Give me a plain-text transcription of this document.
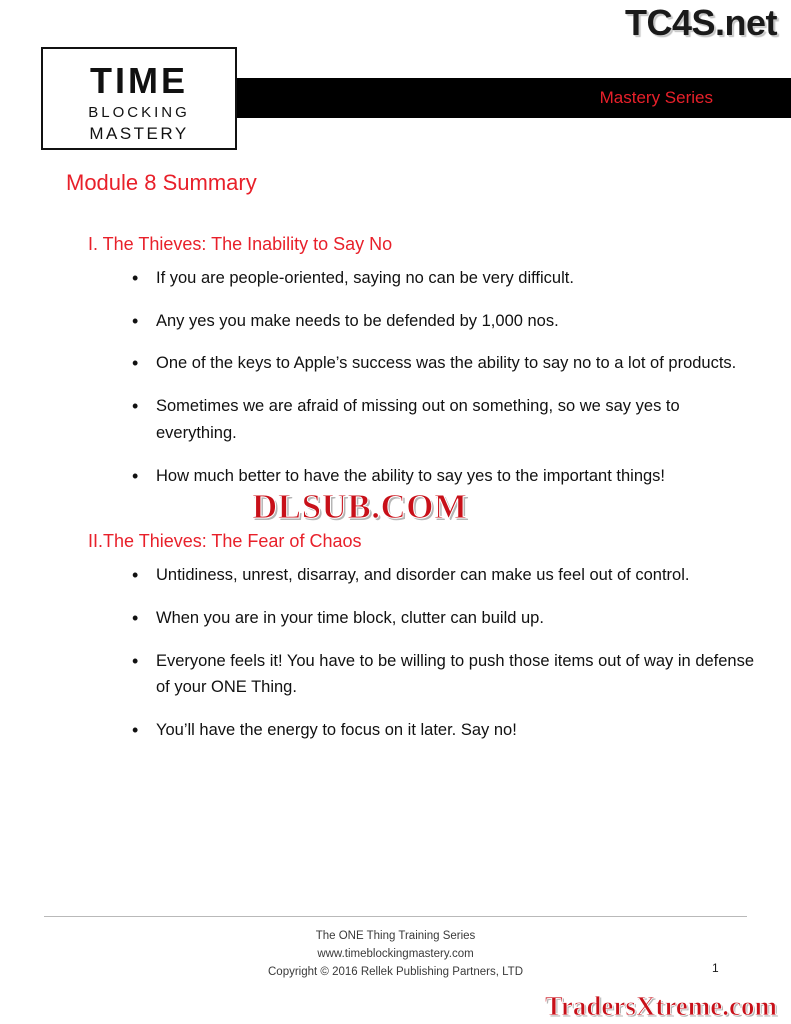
TC4S.net
Mastery Series
TIME
BLOCKING
MASTERY
Module 8 Summary
I. The Thieves: The Inability to Say No
• If you are people-oriented, saying no can be very difficult.
• Any yes you make needs to be defended by 1,000 nos.
• One of the keys to Apple’s success was the ability to say no to a lot of products.
• Sometimes we are afraid of missing out on something, so we say yes to everything.
• How much better to have the ability to say yes to the important things!
II.The Thieves: The Fear of Chaos
• Untidiness, unrest, disarray, and disorder can make us feel out of control.
• When you are in your time block, clutter can build up.
• Everyone feels it! You have to be willing to push those items out of way in defense of your ONE Thing.
• You’ll have the energy to focus on it later. Say no!
DLSUB.COM
The ONE Thing Training Series
www.timeblockingmastery.com
Copyright © 2016 Rellek Publishing Partners, LTD	1
TradersXtreme.com
